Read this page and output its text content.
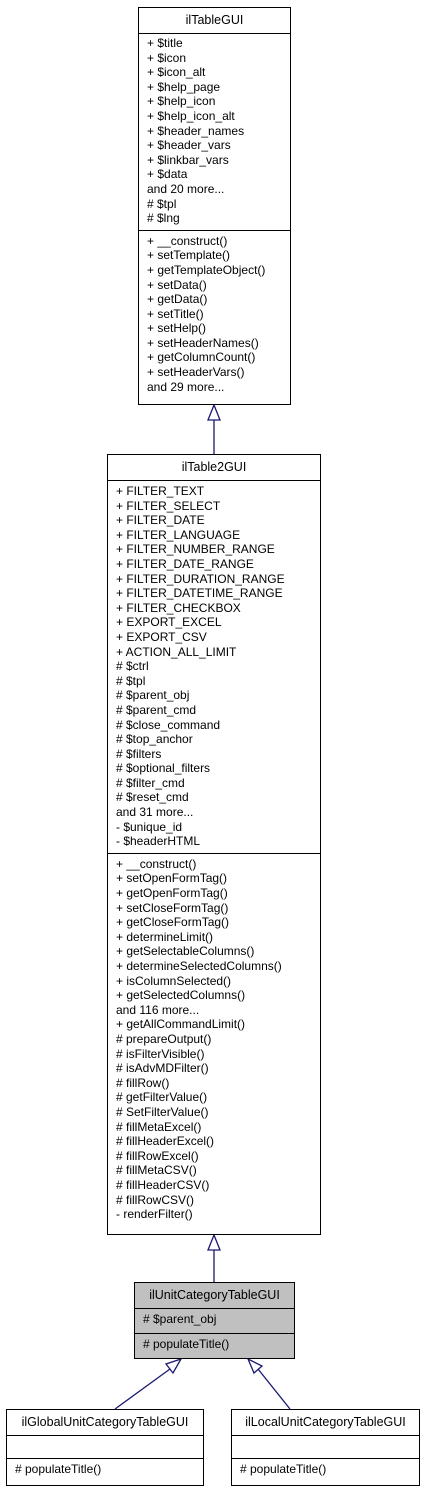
ilTableGUI
+ $title
+ $icon
+ $icon_alt
+ $help_page
+ $help_icon
+ $help_icon_alt
+ $header_names
+ $header_vars
+ $linkbar_vars
+ $data
and 20 more...
# $tpl
# $lng
+ __construct()
+ setTemplate()
+ getTemplateObject()
+ setData()
+ getData()
+ setTitle()
+ setHelp()
+ setHeaderNames()
+ getColumnCount()
+ setHeaderVars()
and 29 more...
ilTable2GUI
+ FILTER_TEXT
+ FILTER_SELECT
+ FILTER_DATE
+ FILTER_LANGUAGE
+ FILTER_NUMBER_RANGE
+ FILTER_DATE_RANGE
+ FILTER_DURATION_RANGE
+ FILTER_DATETIME_RANGE
+ FILTER_CHECKBOX
+ EXPORT_EXCEL
+ EXPORT_CSV
+ ACTION_ALL_LIMIT
# $ctrl
# $tpl
# $parent_obj
# $parent_cmd
# $close_command
# $top_anchor
# $filters
# $optional_filters
# $filter_cmd
# $reset_cmd
and 31 more...
- $unique_id
- $headerHTML
+ __construct()
+ setOpenFormTag()
+ getOpenFormTag()
+ setCloseFormTag()
+ getCloseFormTag()
+ determineLimit()
+ getSelectableColumns()
+ determineSelectedColumns()
+ isColumnSelected()
+ getSelectedColumns()
and 116 more...
+ getAllCommandLimit()
# prepareOutput()
# isFilterVisible()
# isAdvMDFilter()
# fillRow()
# getFilterValue()
# SetFilterValue()
# fillMetaExcel()
# fillHeaderExcel()
# fillRowExcel()
# fillMetaCSV()
# fillHeaderCSV()
# fillRowCSV()
- renderFilter()
ilUnitCategoryTableGUI
# $parent_obj
# populateTitle()
ilGlobalUnitCategoryTableGUI
# populateTitle()
ilLocalUnitCategoryTableGUI
# populateTitle()
